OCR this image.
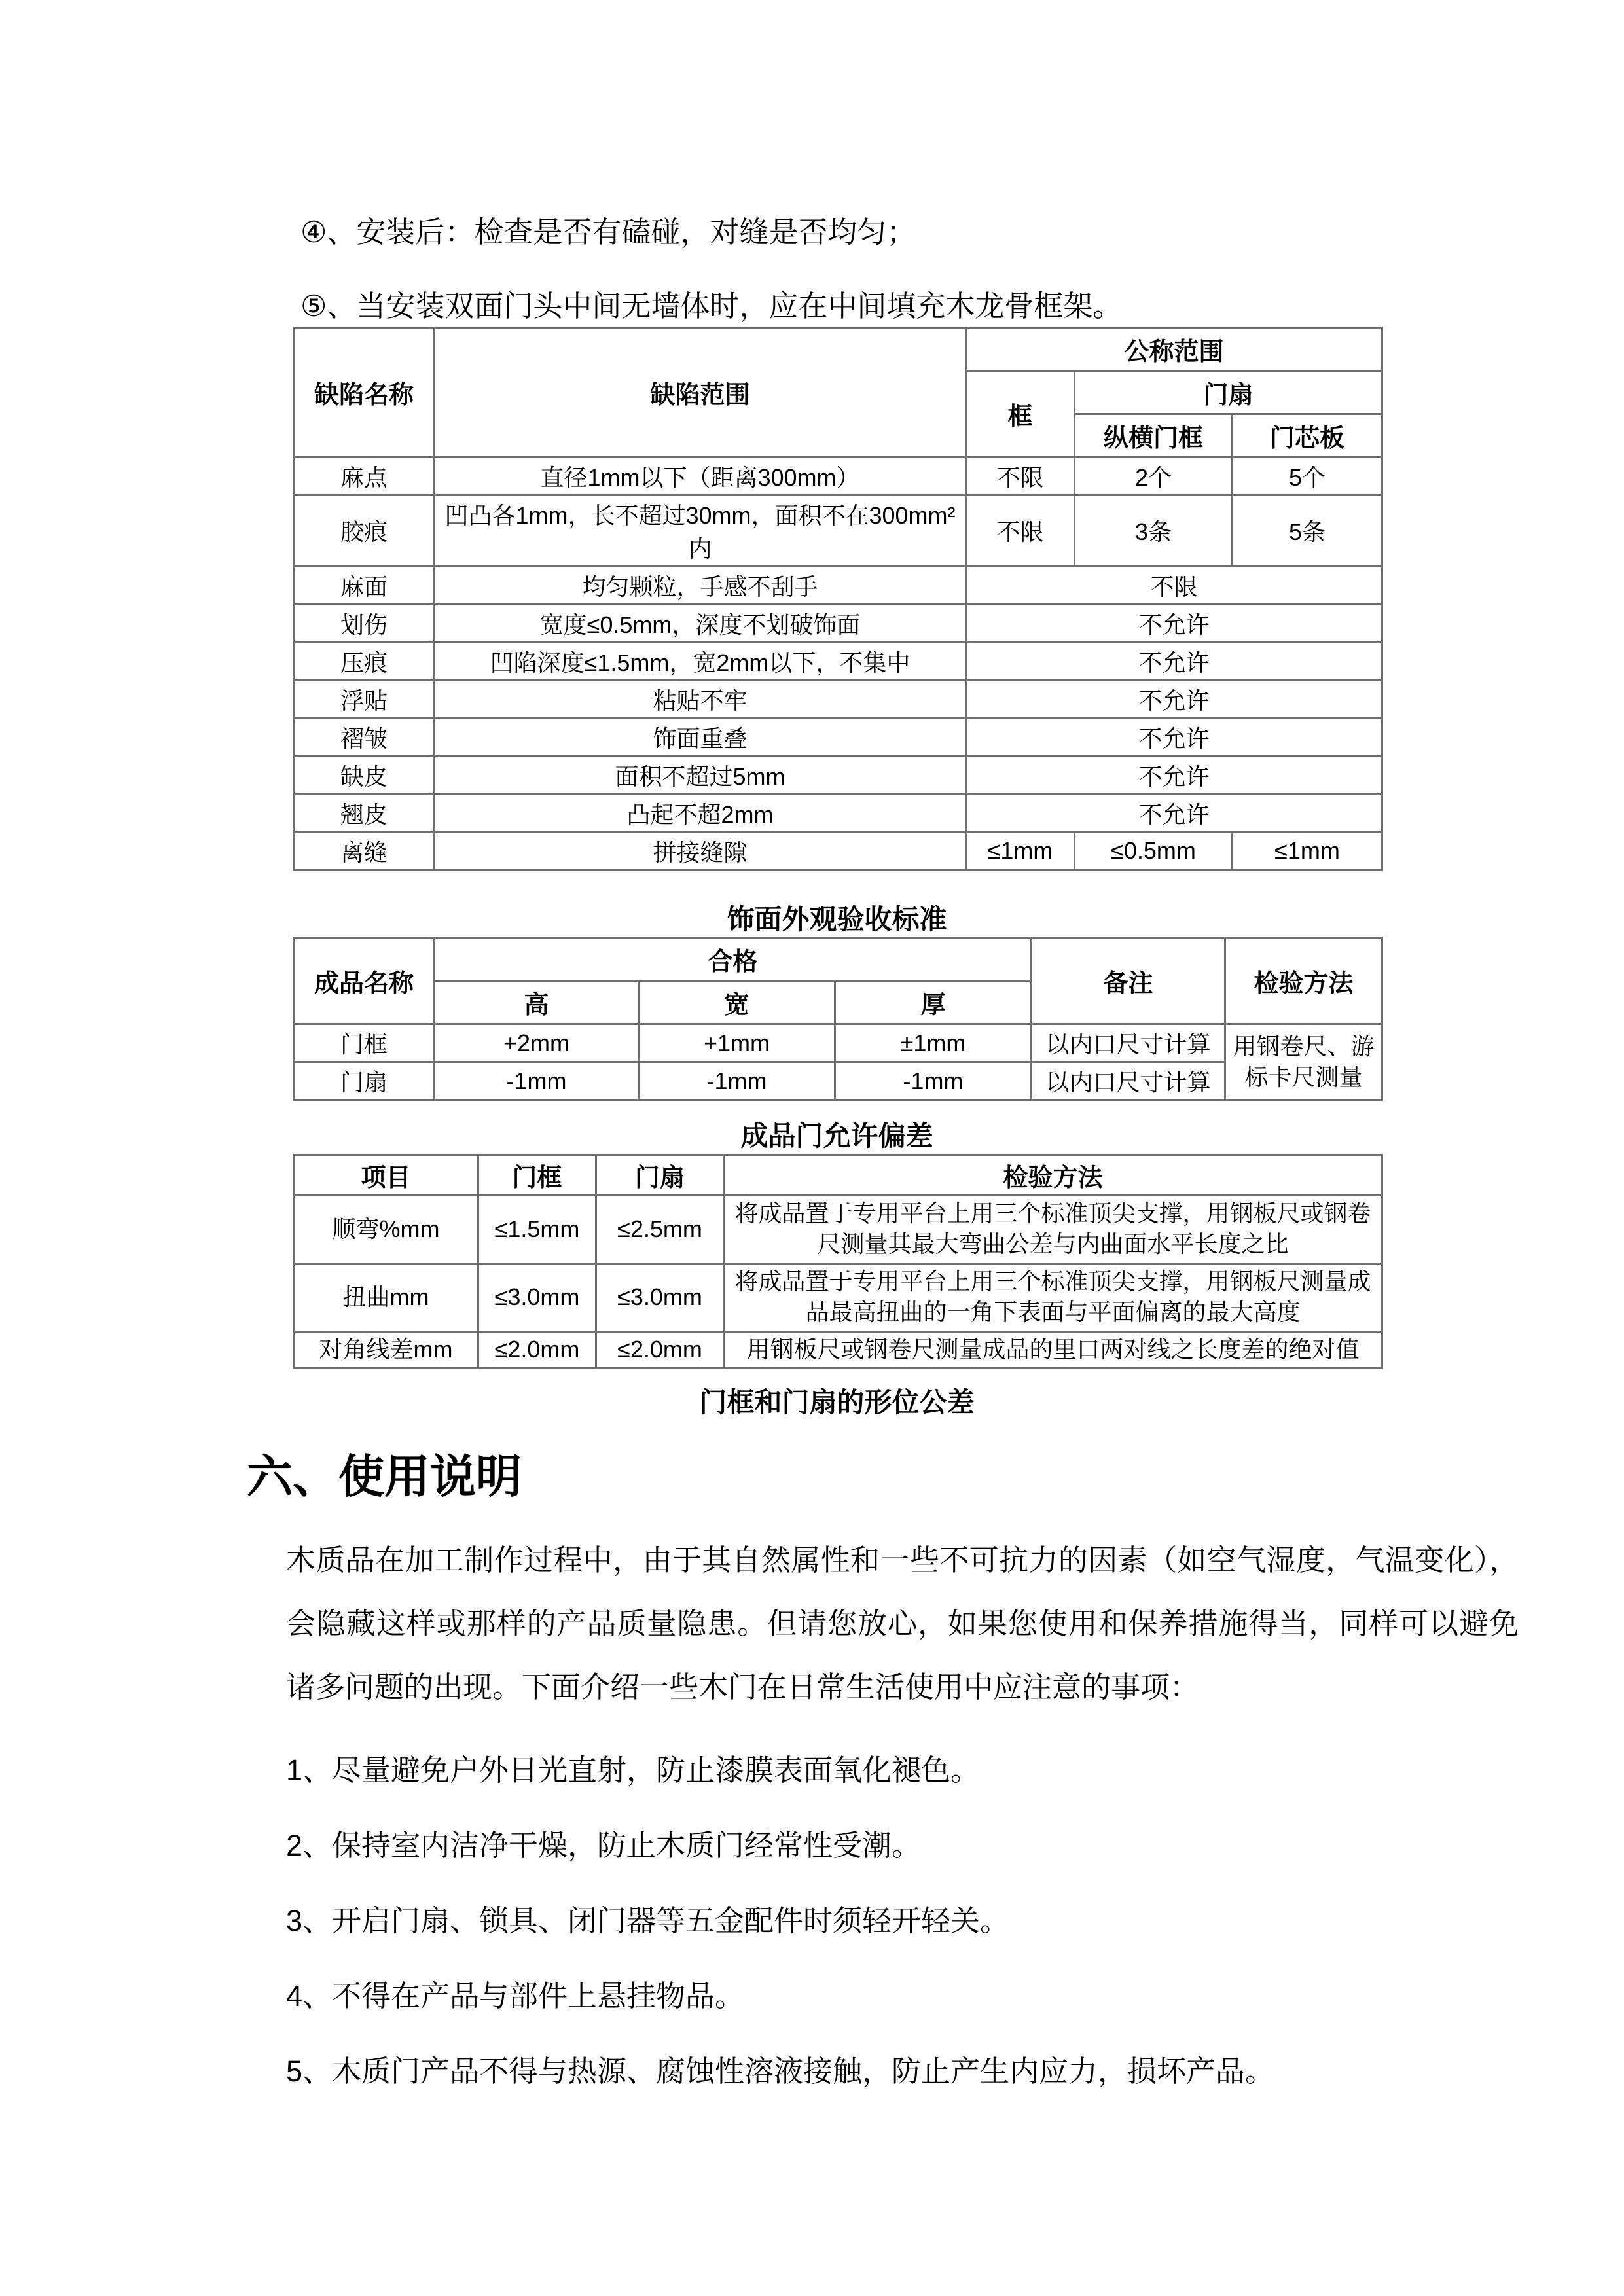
④、安装后：检查是否有磕碰，对缝是否均匀；

⑤、当安装双面门头中间无墙体时，应在中间填充木龙骨框架。

缺陷名称	缺陷范围	公称范围		
		框	门扇	
			纵横门框	门芯板
麻点	直径1mm以下（距离300mm）	不限	2个	5个
胶痕	凹凸各1mm，长不超过30mm，面积不在300mm²内	不限	3条	5条
麻面	均匀颗粒，手感不刮手	不限		
划伤	宽度≤0.5mm，深度不划破饰面	不允许		
压痕	凹陷深度≤1.5mm，宽2mm以下，不集中	不允许		
浮贴	粘贴不牢	不允许		
褶皱	饰面重叠	不允许		
缺皮	面积不超过5mm	不允许		
翘皮	凸起不超2mm	不允许		
离缝	拼接缝隙	≤1mm	≤0.5mm	≤1mm

饰面外观验收标准

成品名称	合格			备注	检验方法
	高	宽	厚		
门框	+2mm	+1mm	±1mm	以内口尺寸计算	用钢卷尺、游标卡尺测量
门扇	-1mm	-1mm	-1mm	以内口尺寸计算	

成品门允许偏差

项目	门框	门扇	检验方法
顺弯%mm	≤1.5mm	≤2.5mm	将成品置于专用平台上用三个标准顶尖支撑，用钢板尺或钢卷尺测量其最大弯曲公差与内曲面水平长度之比
扭曲mm	≤3.0mm	≤3.0mm	将成品置于专用平台上用三个标准顶尖支撑，用钢板尺测量成品最高扭曲的一角下表面与平面偏离的最大高度
对角线差mm	≤2.0mm	≤2.0mm	用钢板尺或钢卷尺测量成品的里口两对线之长度差的绝对值

门框和门扇的形位公差

六、使用说明

木质品在加工制作过程中，由于其自然属性和一些不可抗力的因素（如空气湿度，气温变化），会隐藏这样或那样的产品质量隐患。但请您放心，如果您使用和保养措施得当，同样可以避免诸多问题的出现。下面介绍一些木门在日常生活使用中应注意的事项：

1、尽量避免户外日光直射，防止漆膜表面氧化褪色。

2、保持室内洁净干燥，防止木质门经常性受潮。

3、开启门扇、锁具、闭门器等五金配件时须轻开轻关。

4、不得在产品与部件上悬挂物品。

5、木质门产品不得与热源、腐蚀性溶液接触，防止产生内应力，损坏产品。
